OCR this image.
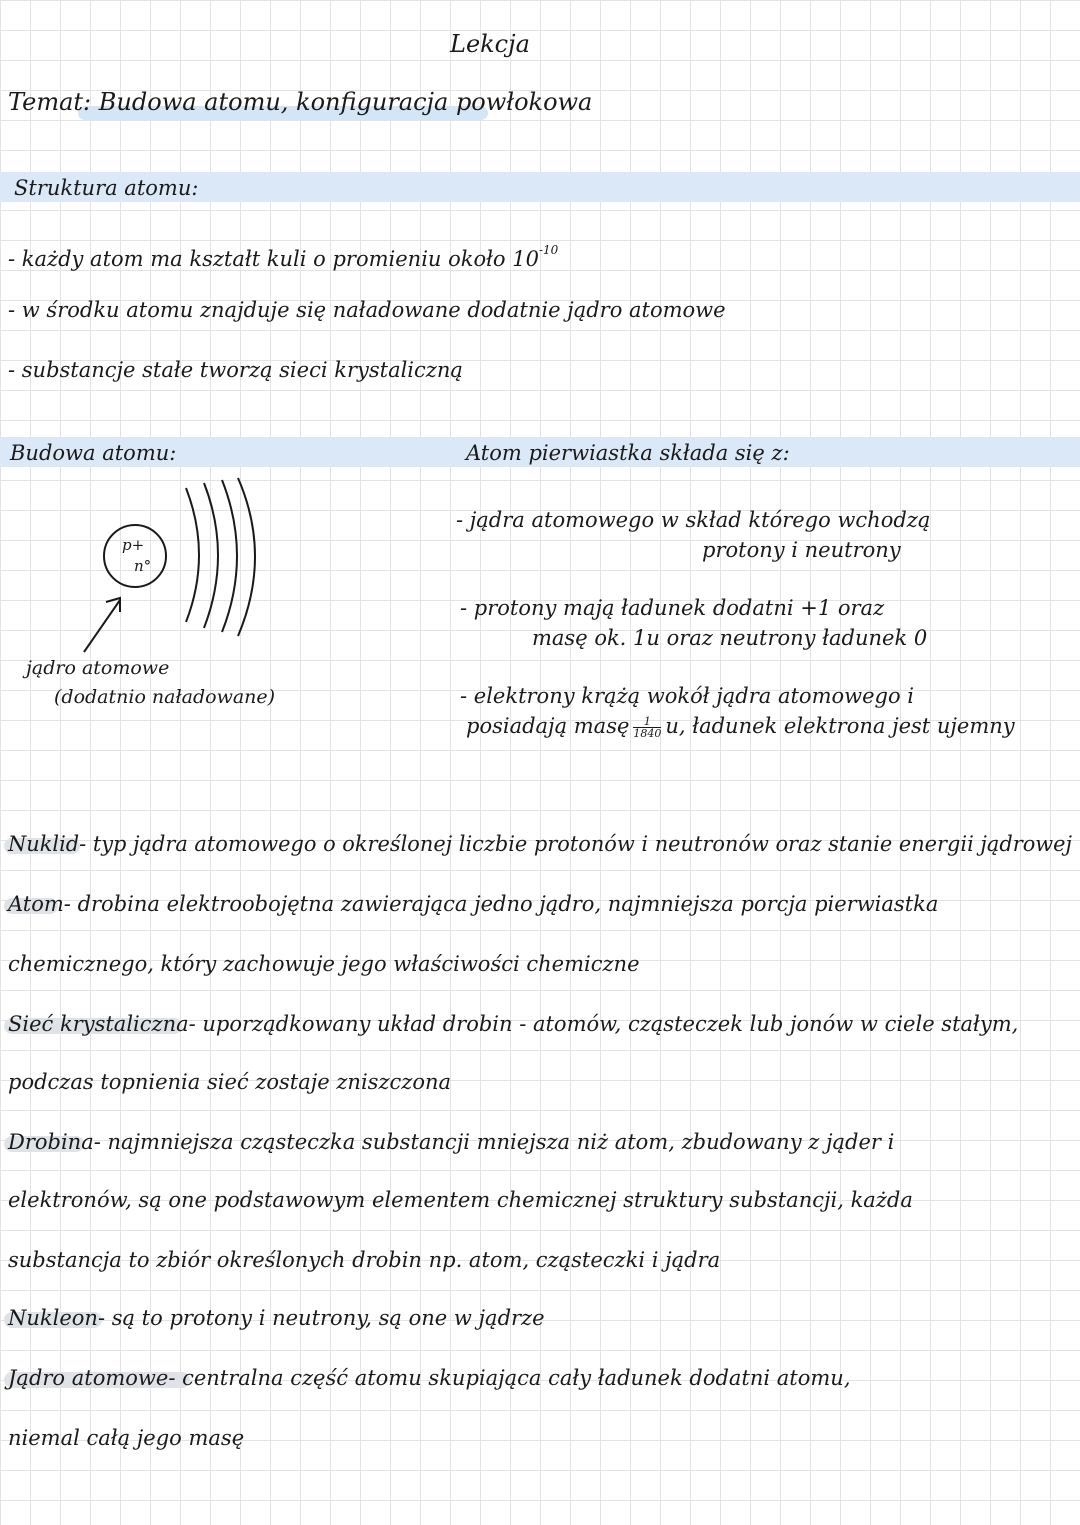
Lekcja
Temat: Budowa atomu, konfiguracja powłokowa
Struktura atomu:
- każdy atom ma kształt kuli o promieniu około $10^{-10}$
- w środku atomu znajduje się naładowane dodatnie jądro atomowe
- substancje stałe tworzą sieci krystaliczną
Budowa atomu:	Atom pierwiastka składa się z:
p+
n°
jądro atomowe
(dodatnio naładowane)
- jądra atomowego w skład którego wchodzą
protony i neutrony
- protony mają ładunek dodatni +1 oraz
masę ok. 1u oraz neutrony ładunek 0
- elektrony krążą wokół jądra atomowego i
posiadają masę $\frac{1}{1840} u$, ładunek elektrona jest ujemny
Nuklid- typ jądra atomowego o określonej liczbie protonów i neutronów oraz stanie energii jądrowej
Atom- drobina elektroobojętna zawierająca jedno jądro, najmniejsza porcja pierwiastka
chemicznego, który zachowuje jego właściwości chemiczne
Sieć krystaliczna- uporządkowany układ drobin - atomów, cząsteczek lub jonów w ciele stałym,
podczas topnienia sieć zostaje zniszczona
Drobina- najmniejsza cząsteczka substancji mniejsza niż atom, zbudowany z jąder i
elektronów, są one podstawowym elementem chemicznej struktury substancji, każda
substancja to zbiór określonych drobin np. atom, cząsteczki i jądra
Nukleon- są to protony i neutrony, są one w jądrze
Jądro atomowe- centralna część atomu skupiająca cały ładunek dodatni atomu,
niemal całą jego masę
